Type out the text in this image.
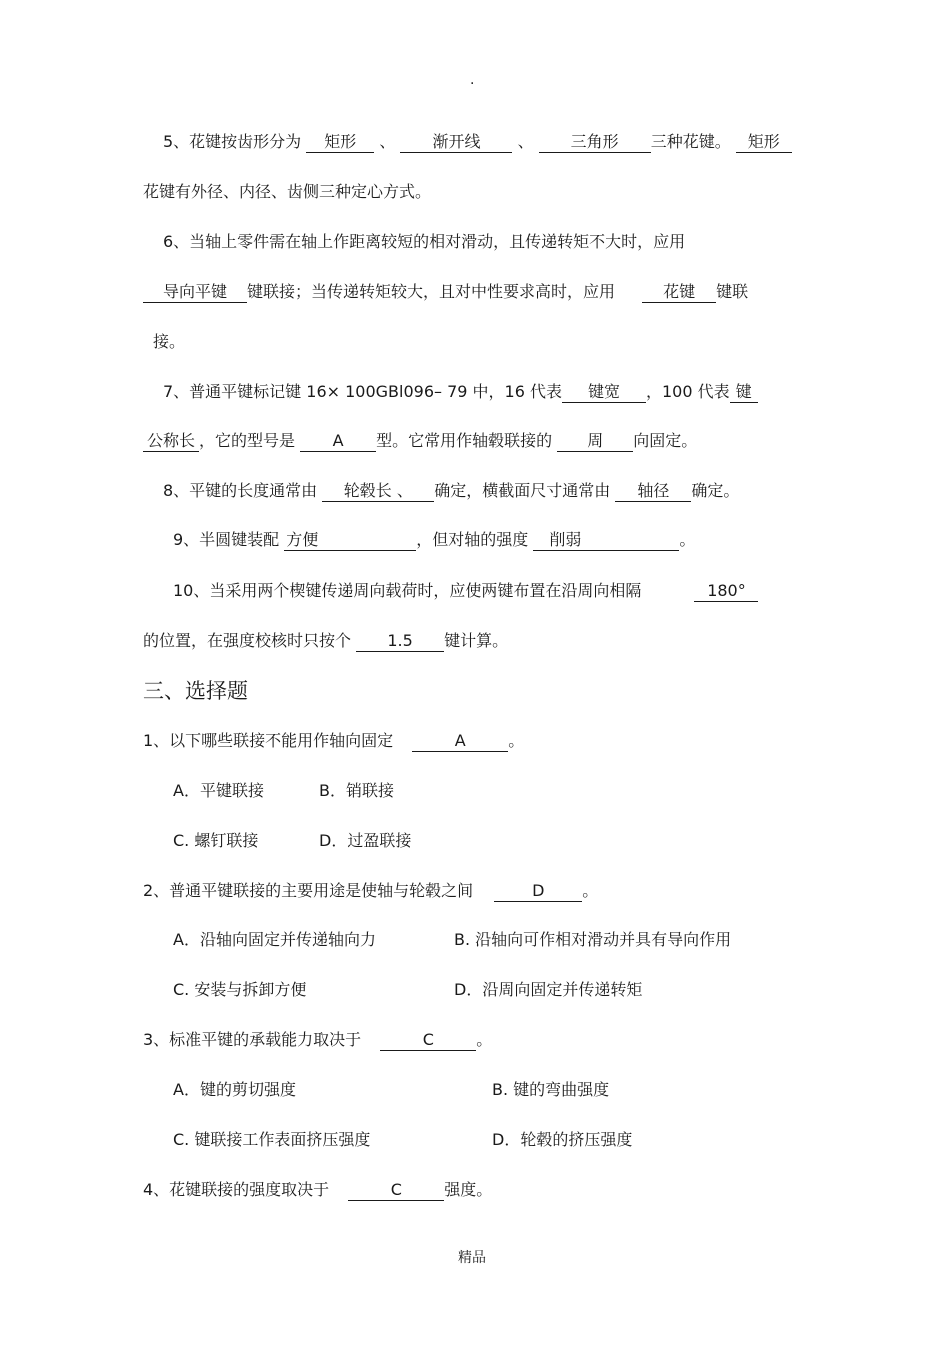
.
5、花键按齿形分为 矩形 、 渐开线 、 三角形 三种花键。 矩形
花键有外径、内径、齿侧三种定心方式。
6、当轴上零件需在轴上作距离较短的相对滑动，且传递转矩不大时，应用
导向平键 键联接；当传递转矩较大，且对中性要求高时，应用	花键 键联
接。
7、普通平键标记键 16× 100GBl096– 79 中，16 代表 键宽 ，100 代表 键
公称长 ，它的型号是 A 型。它常用作轴毂联接的 周 向固定。
8、平键的长度通常由 轮毂长 、 确定，横截面尺寸通常由 轴径 确定。
9、半圆键装配 方便	，但对轴的强度 削弱	。
10、当采用两个楔键传递周向载荷时，应使两键布置在沿周向相隔	180°
的位置，在强度校核时只按个 1.5 键计算。
三、选择题
1、以下哪些联接不能用作轴向固定	A	。
A．平键联接	B．销联接
C. 螺钉联接	D．过盈联接
2、普通平键联接的主要用途是使轴与轮毂之间	D 。
A．沿轴向固定并传递轴向力	B. 沿轴向可作相对滑动并具有导向作用
C. 安装与拆卸方便	D．沿周向固定并传递转矩
3、标准平键的承载能力取决于	C	。
A．键的剪切强度	B. 键的弯曲强度
C. 键联接工作表面挤压强度	D．轮毂的挤压强度
4、花键联接的强度取决于	C	强度。
精品
